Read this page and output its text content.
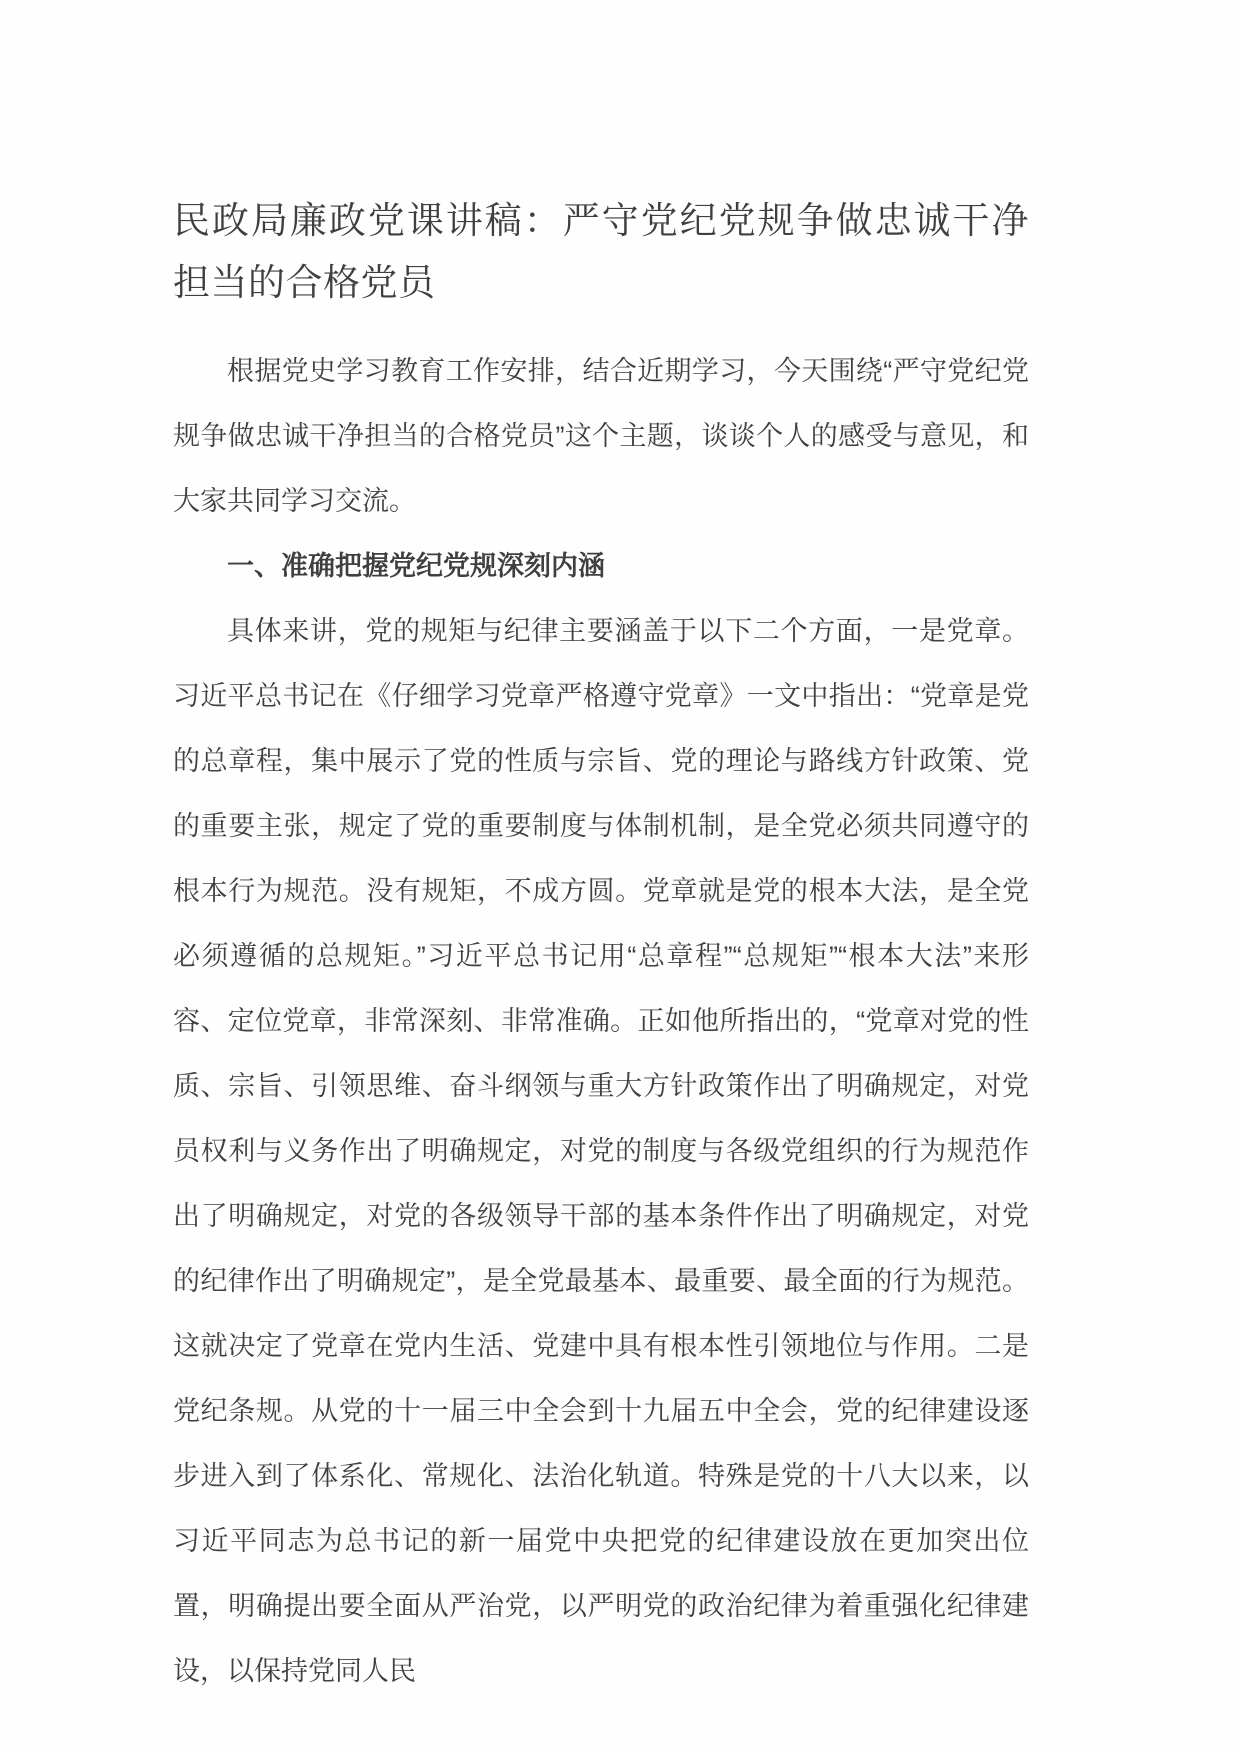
民政局廉政党课讲稿：严守党纪党规争做忠诚干净担当的合格党员

根据党史学习教育工作安排，结合近期学习，今天围绕“严守党纪党规争做忠诚干净担当的合格党员”这个主题，谈谈个人的感受与意见，和大家共同学习交流。

一、准确把握党纪党规深刻内涵

具体来讲，党的规矩与纪律主要涵盖于以下二个方面，一是党章。习近平总书记在《仔细学习党章严格遵守党章》一文中指出：“党章是党的总章程，集中展示了党的性质与宗旨、党的理论与路线方针政策、党的重要主张，规定了党的重要制度与体制机制，是全党必须共同遵守的根本行为规范。没有规矩，不成方圆。党章就是党的根本大法，是全党必须遵循的总规矩。”习近平总书记用“总章程”“总规矩”“根本大法”来形容、定位党章，非常深刻、非常准确。正如他所指出的，“党章对党的性质、宗旨、引领思维、奋斗纲领与重大方针政策作出了明确规定，对党员权利与义务作出了明确规定，对党的制度与各级党组织的行为规范作出了明确规定，对党的各级领导干部的基本条件作出了明确规定，对党的纪律作出了明确规定”，是全党最基本、最重要、最全面的行为规范。这就决定了党章在党内生活、党建中具有根本性引领地位与作用。二是党纪条规。从党的十一届三中全会到十九届五中全会，党的纪律建设逐步进入到了体系化、常规化、法治化轨道。特殊是党的十八大以来，以习近平同志为总书记的新一届党中央把党的纪律建设放在更加突出位置，明确提出要全面从严治党，以严明党的政治纪律为着重强化纪律建设，以保持党同人民
